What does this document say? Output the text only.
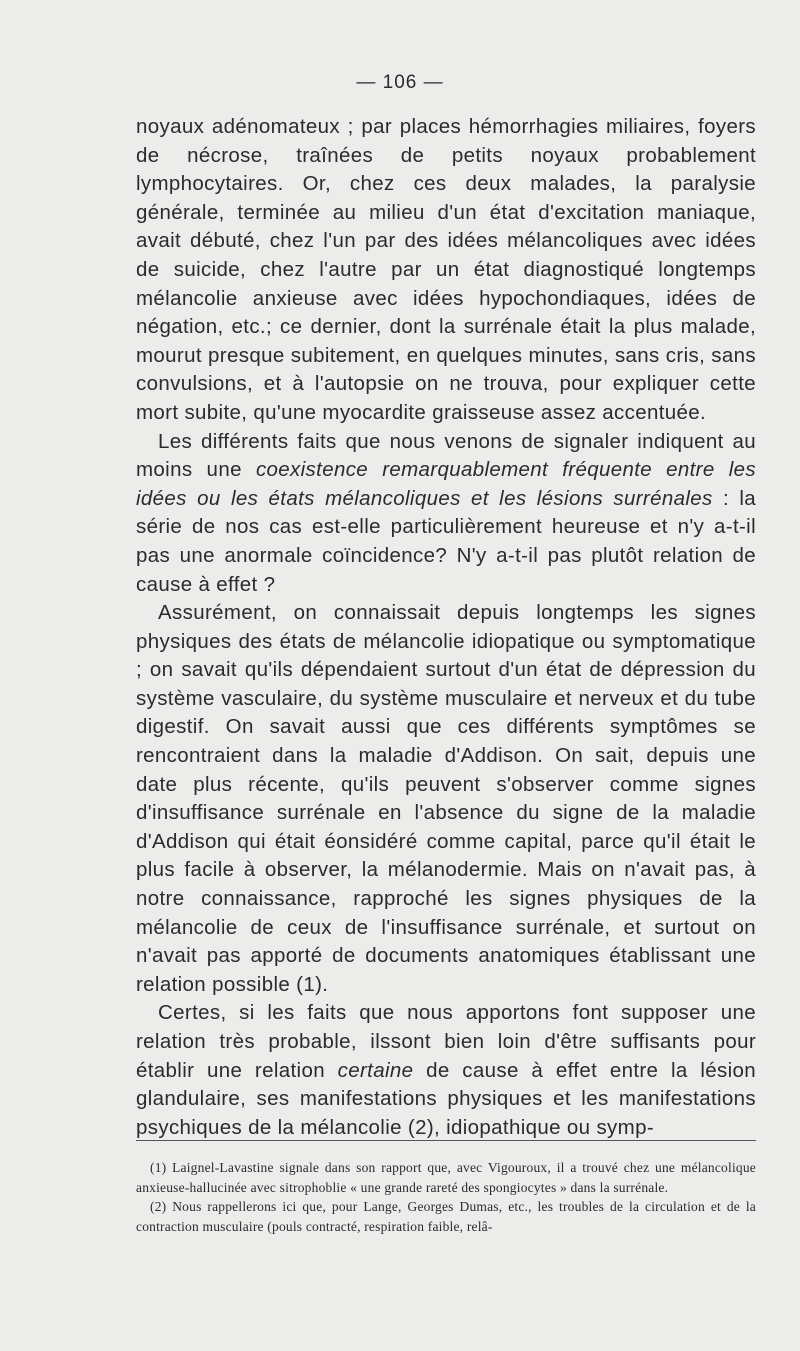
— 106 —

noyaux adénomateux ; par places hémorrhagies miliaires, foyers de nécrose, traînées de petits noyaux probablement lymphocytaires. Or, chez ces deux malades, la paralysie générale, terminée au milieu d'un état d'excitation maniaque, avait débuté, chez l'un par des idées mélancoliques avec idées de suicide, chez l'autre par un état diagnostiqué longtemps mélancolie anxieuse avec idées hypochondiaques, idées de négation, etc.; ce dernier, dont la surrénale était la plus malade, mourut presque subitement, en quelques minutes, sans cris, sans convulsions, et à l'autopsie on ne trouva, pour expliquer cette mort subite, qu'une myocardite graisseuse assez accentuée.

Les différents faits que nous venons de signaler indiquent au moins une coexistence remarquablement fréquente entre les idées ou les états mélancoliques et les lésions surrénales : la série de nos cas est-elle particulièrement heureuse et n'y a-t-il pas une anormale coïncidence? N'y a-t-il pas plutôt relation de cause à effet ?

Assurément, on connaissait depuis longtemps les signes physiques des états de mélancolie idiopatique ou symptomatique ; on savait qu'ils dépendaient surtout d'un état de dépression du système vasculaire, du système musculaire et nerveux et du tube digestif. On savait aussi que ces différents symptômes se rencontraient dans la maladie d'Addison. On sait, depuis une date plus récente, qu'ils peuvent s'observer comme signes d'insuffisance surrénale en l'absence du signe de la maladie d'Addison qui était éonsidéré comme capital, parce qu'il était le plus facile à observer, la mélanodermie. Mais on n'avait pas, à notre connaissance, rapproché les signes physiques de la mélancolie de ceux de l'insuffisance surrénale, et surtout on n'avait pas apporté de documents anatomiques établissant une relation possible (1).

Certes, si les faits que nous apportons font supposer une relation très probable, ilssont bien loin d'être suffisants pour établir une relation certaine de cause à effet entre la lésion glandulaire, ses manifestations physiques et les manifestations psychiques de la mélancolie (2), idiopathique ou symp-

(1) Laignel-Lavastine signale dans son rapport que, avec Vigouroux, il a trouvé chez une mélancolique anxieuse-hallucinée avec sitrophoblie « une grande rareté des spongiocytes » dans la surrénale.

(2) Nous rappellerons ici que, pour Lange, Georges Dumas, etc., les troubles de la circulation et de la contraction musculaire (pouls contracté, respiration faible, relâ-
